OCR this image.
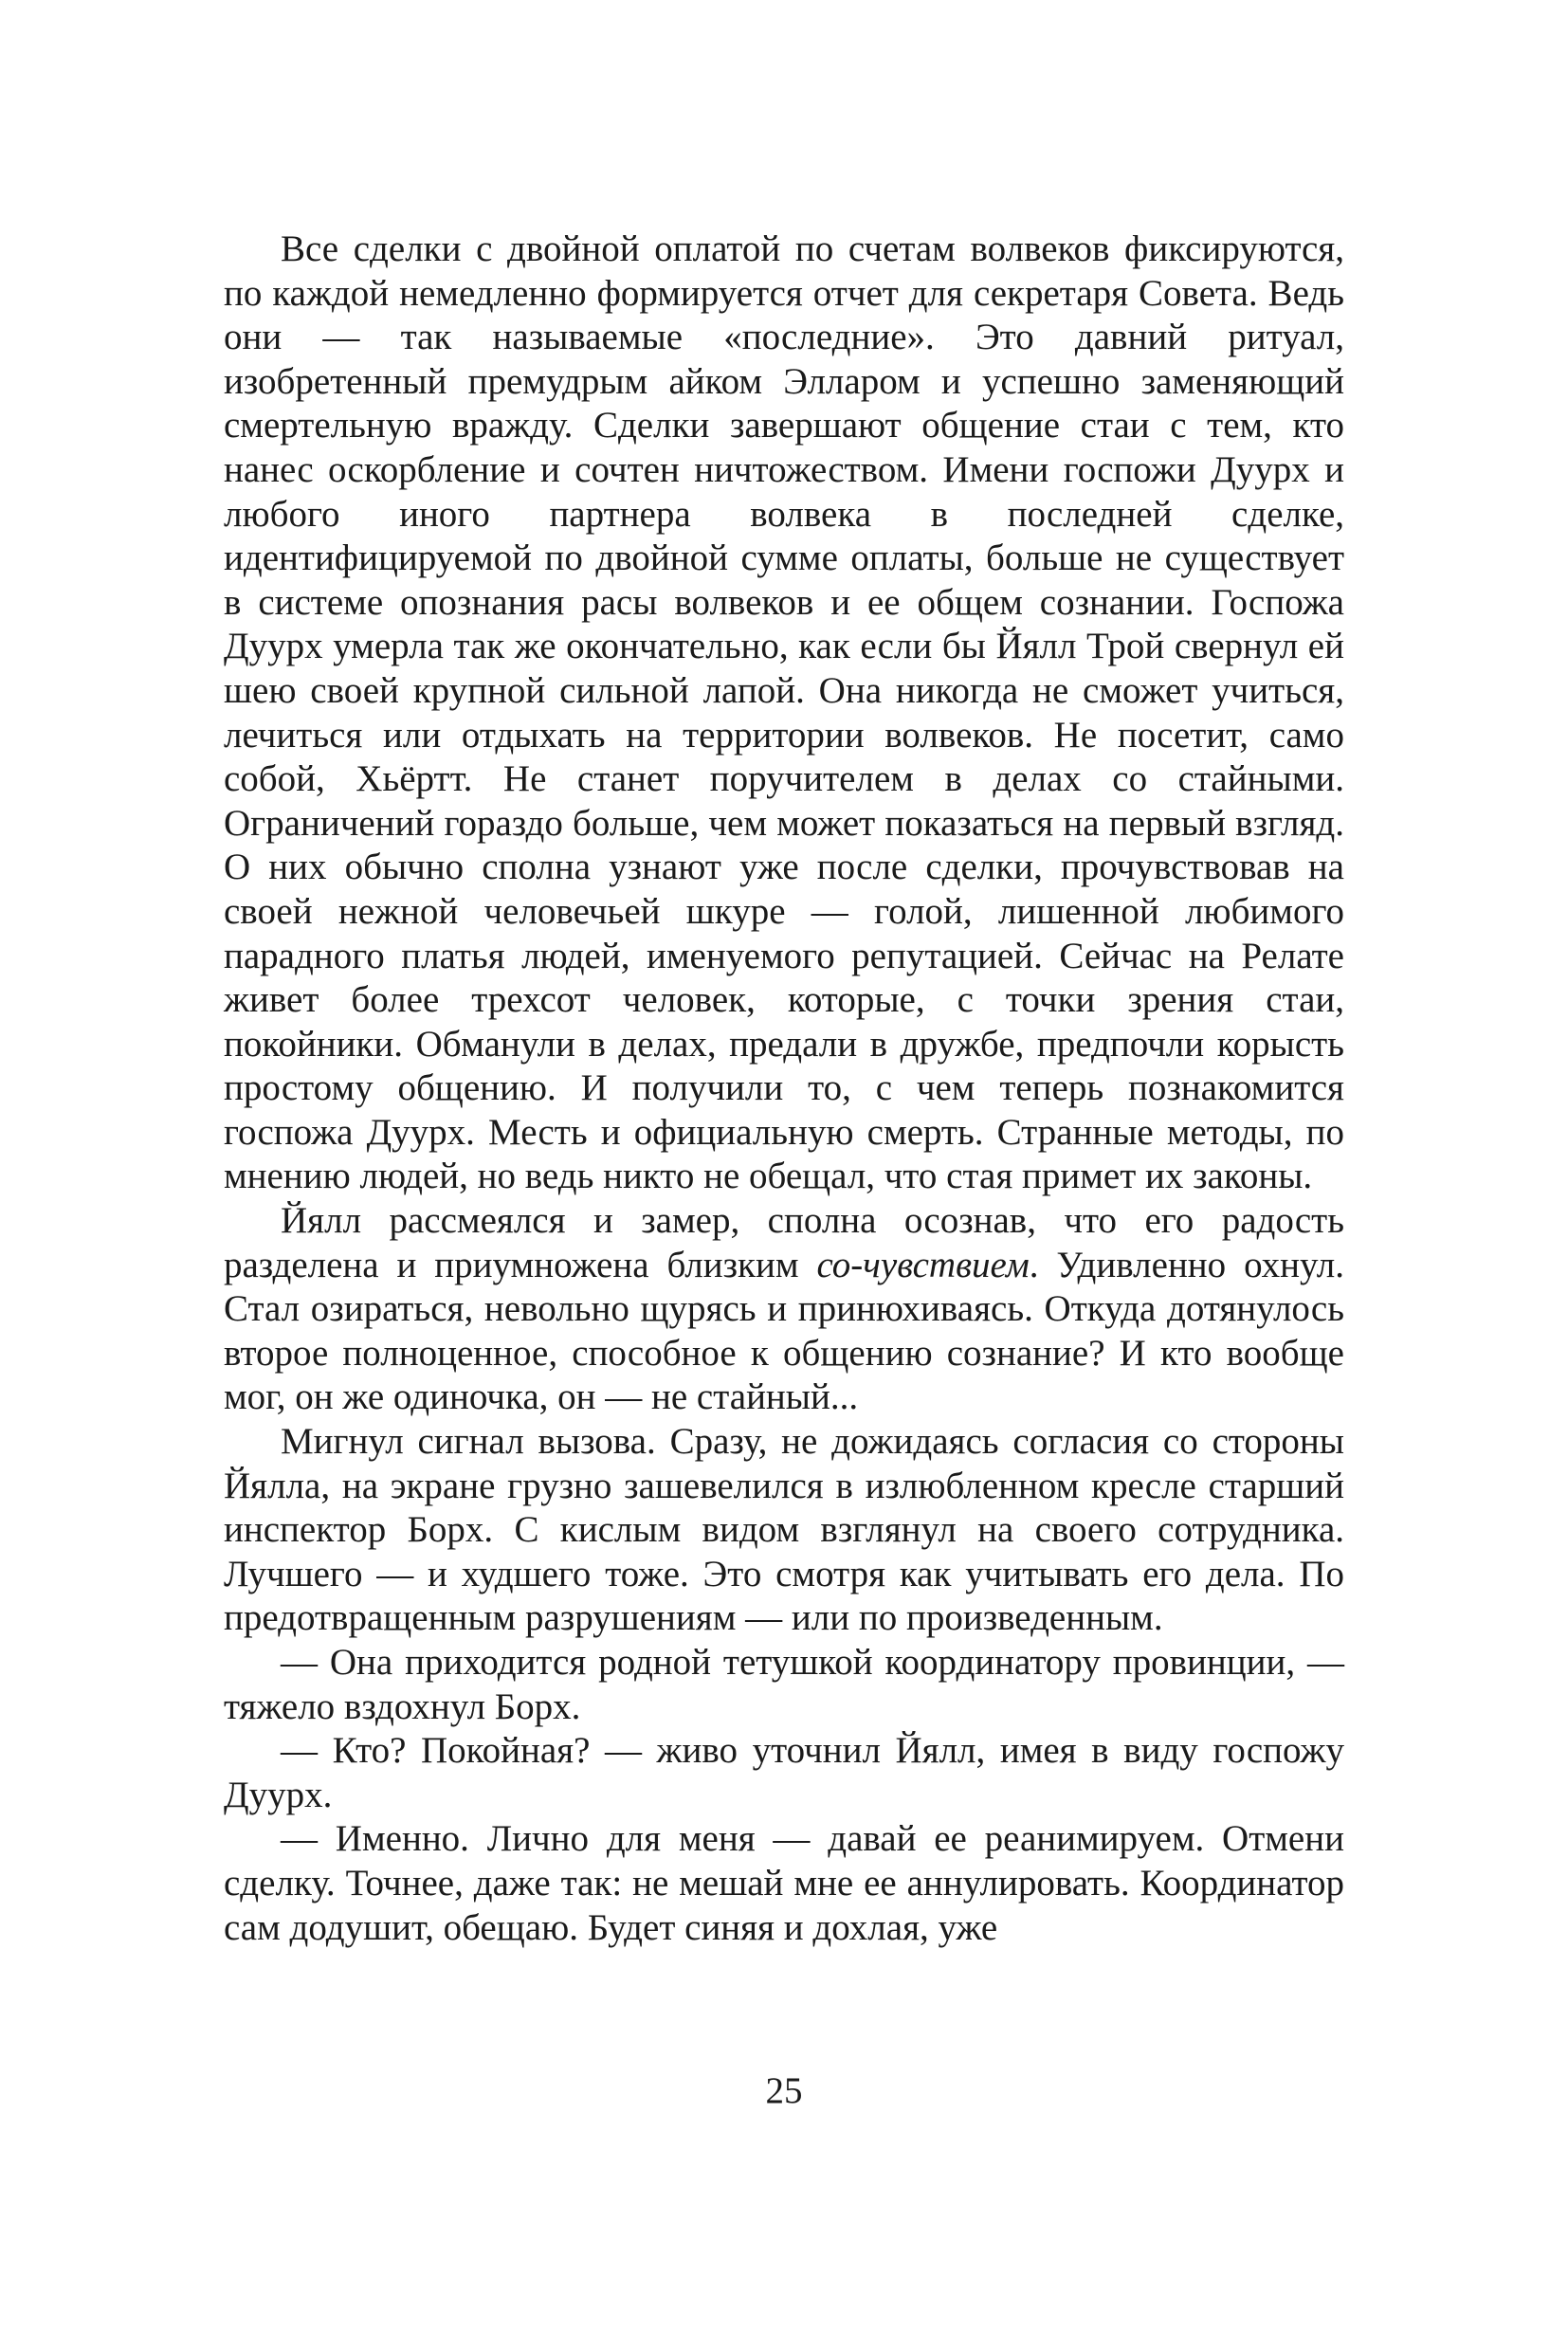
Все сделки с двойной оплатой по счетам волвеков фиксируются, по каждой немедленно формируется отчет для секретаря Совета. Ведь они — так называемые «последние». Это давний ритуал, изобретенный премудрым айком Элларом и успешно заменяющий смертельную вражду. Сделки завершают общение стаи с тем, кто нанес оскорбление и сочтен ничтожеством. Имени госпожи Дуурх и любого иного партнера волвека в последней сделке, идентифицируемой по двойной сумме оплаты, больше не существует в системе опознания расы волвеков и ее общем сознании. Госпожа Дуурх умерла так же окончательно, как если бы Йялл Трой свернул ей шею своей крупной сильной лапой. Она никогда не сможет учиться, лечиться или отдыхать на территории волвеков. Не посетит, само собой, Хьёртт. Не станет поручителем в делах со стайными. Ограничений гораздо больше, чем может показаться на первый взгляд. О них обычно сполна узнают уже после сделки, прочувствовав на своей нежной человечьей шкуре — голой, лишенной любимого парадного платья людей, именуемого репутацией. Сейчас на Релате живет более трехсот человек, которые, с точки зрения стаи, покойники. Обманули в делах, предали в дружбе, предпочли корысть простому общению. И получили то, с чем теперь познакомится госпожа Дуурх. Месть и официальную смерть. Странные методы, по мнению людей, но ведь никто не обещал, что стая примет их законы.

Йялл рассмеялся и замер, сполна осознав, что его радость разделена и приумножена близким со-чувствием. Удивленно охнул. Стал озираться, невольно щурясь и принюхиваясь. Откуда дотянулось второе полноценное, способное к общению сознание? И кто вообще мог, он же одиночка, он — не стайный...

Мигнул сигнал вызова. Сразу, не дожидаясь согласия со стороны Йялла, на экране грузно зашевелился в излюбленном кресле старший инспектор Борх. С кислым видом взглянул на своего сотрудника. Лучшего — и худшего тоже. Это смотря как учитывать его дела. По предотвращенным разрушениям — или по произведенным.

— Она приходится родной тетушкой координатору провинции, — тяжело вздохнул Борх.

— Кто? Покойная? — живо уточнил Йялл, имея в виду госпожу Дуурх.

— Именно. Лично для меня — давай ее реанимируем. Отмени сделку. Точнее, даже так: не мешай мне ее аннулировать. Координатор сам додушит, обещаю. Будет синяя и дохлая, уже

25
